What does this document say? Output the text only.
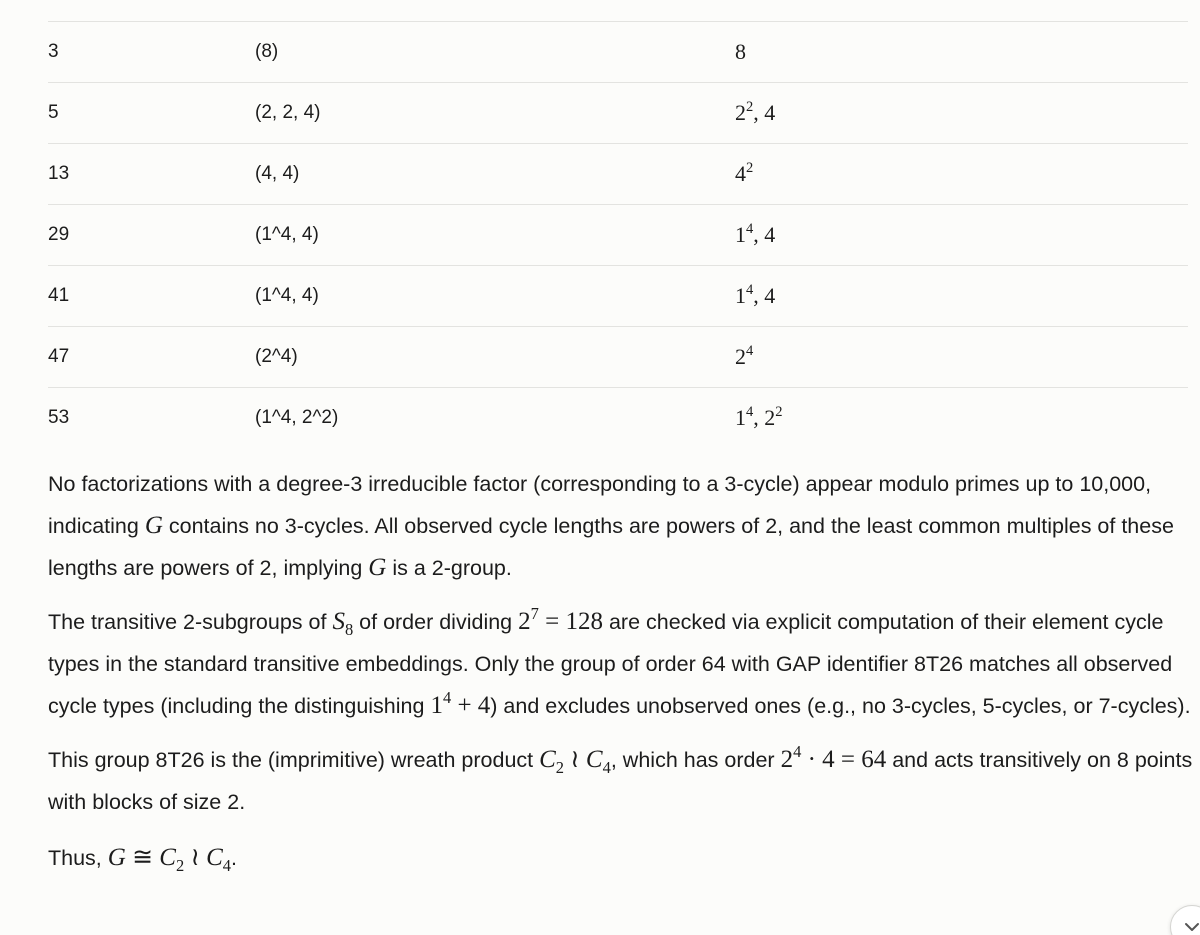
3	(8)	8
5	(2, 2, 4)	$2^2$, 4
13	(4, 4)	$4^2$
29	(1^4, 4)	$1^4$, 4
41	(1^4, 4)	$1^4$, 4
47	(2^4)	$2^4$
53	(1^4, 2^2)	$1^4$, $2^2$

No factorizations with a degree-3 irreducible factor (corresponding to a 3-cycle) appear modulo primes up to 10,000, indicating G contains no 3-cycles. All observed cycle lengths are powers of 2, and the least common multiples of these lengths are powers of 2, implying G is a 2-group.

The transitive 2-subgroups of $S_8$ of order dividing $2^7 = 128$ are checked via explicit computation of their element cycle types in the standard transitive embeddings. Only the group of order 64 with GAP identifier 8T26 matches all observed cycle types (including the distinguishing $1^4 + 4$) and excludes unobserved ones (e.g., no 3-cycles, 5-cycles, or 7-cycles).

This group 8T26 is the (imprimitive) wreath product $C_2$ ≀ $C_4$, which has order $2^4 \cdot 4 = 64$ and acts transitively on 8 points with blocks of size 2.

Thus, G ≅ $C_2$ ≀ $C_4$.
